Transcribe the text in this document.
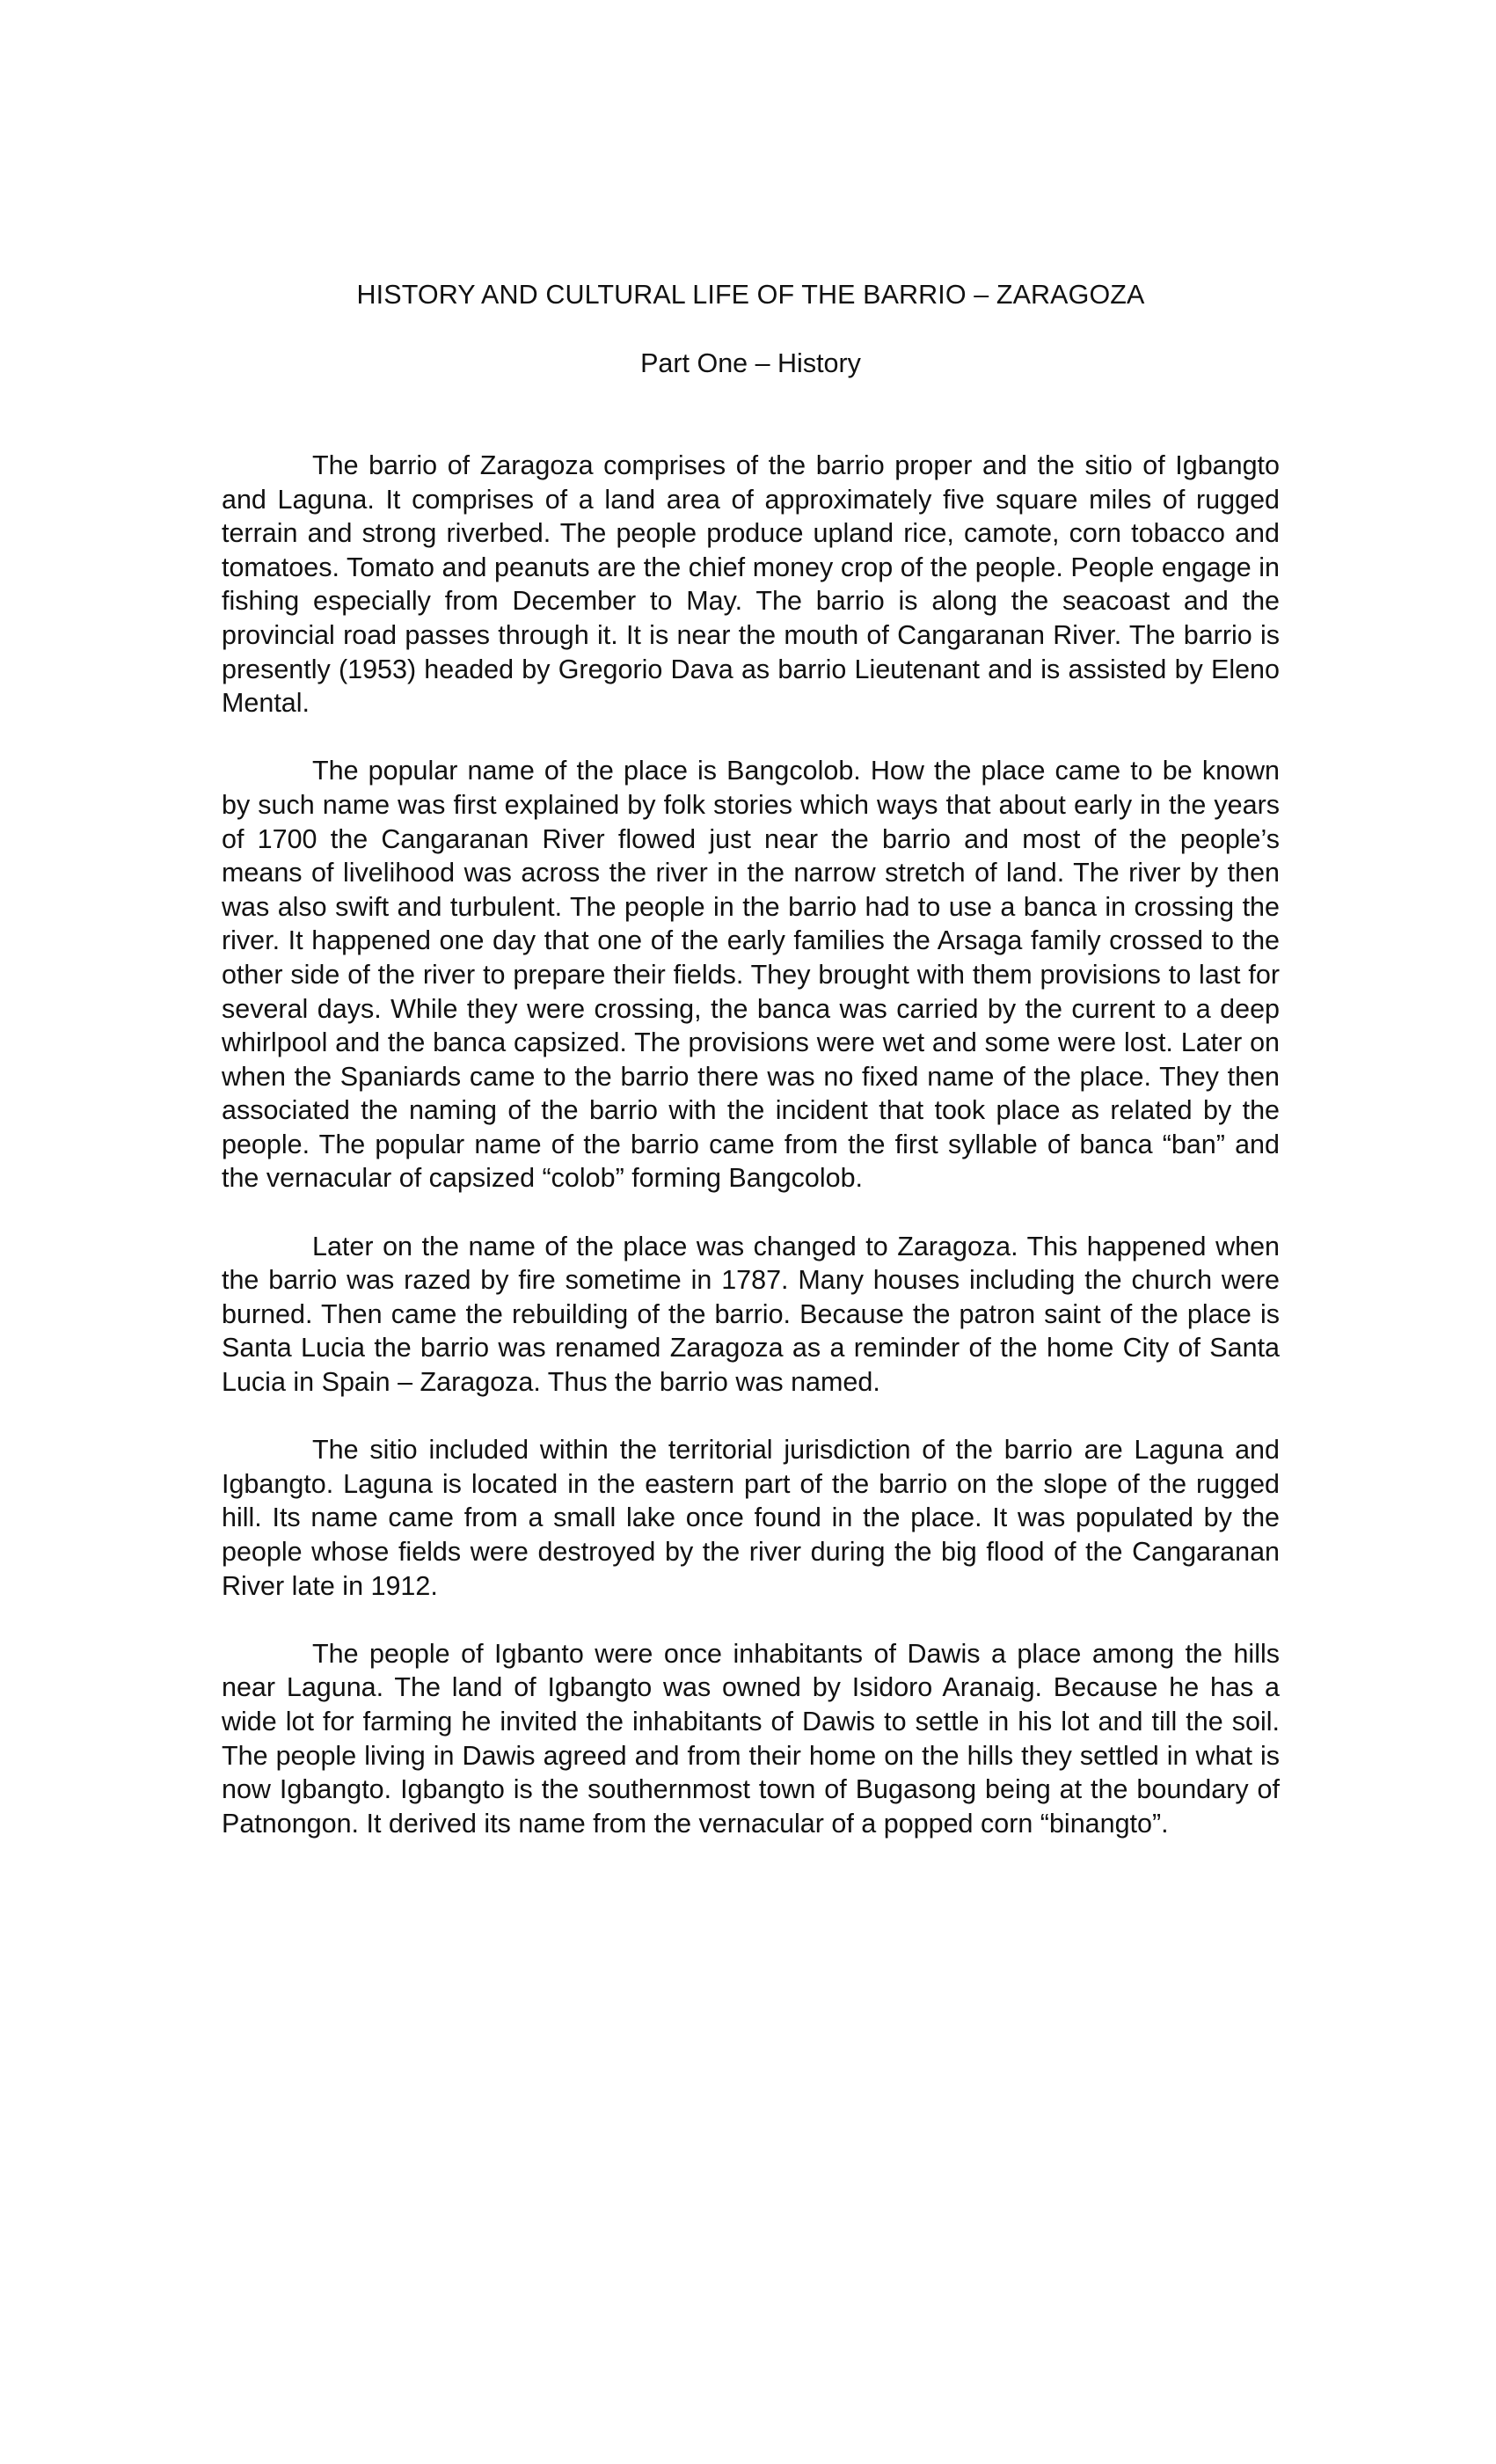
HISTORY AND CULTURAL LIFE OF THE BARRIO – ZARAGOZA
Part One – History

The barrio of Zaragoza comprises of the barrio proper and the sitio of Igbangto and Laguna. It comprises of a land area of approximately five square miles of rugged terrain and strong riverbed. The people produce upland rice, camote, corn tobacco and tomatoes. Tomato and peanuts are the chief money crop of the people. People engage in fishing especially from December to May. The barrio is along the seacoast and the provincial road passes through it. It is near the mouth of Cangaranan River. The barrio is presently (1953) headed by Gregorio Dava as barrio Lieutenant and is assisted by Eleno Mental.

The popular name of the place is Bangcolob. How the place came to be known by such name was first explained by folk stories which ways that about early in the years of 1700 the Cangaranan River flowed just near the barrio and most of the people’s means of livelihood was across the river in the narrow stretch of land. The river by then was also swift and turbulent. The people in the barrio had to use a banca in crossing the river. It happened one day that one of the early families the Arsaga family crossed to the other side of the river to prepare their fields. They brought with them provisions to last for several days. While they were crossing, the banca was carried by the current to a deep whirlpool and the banca capsized. The provisions were wet and some were lost. Later on when the Spaniards came to the barrio there was no fixed name of the place. They then associated the naming of the barrio with the incident that took place as related by the people. The popular name of the barrio came from the first syllable of banca “ban” and the vernacular of capsized “colob” forming Bangcolob.

Later on the name of the place was changed to Zaragoza. This happened when the barrio was razed by fire sometime in 1787. Many houses including the church were burned. Then came the rebuilding of the barrio. Because the patron saint of the place is Santa Lucia the barrio was renamed Zaragoza as a reminder of the home City of Santa Lucia in Spain – Zaragoza. Thus the barrio was named.

The sitio included within the territorial jurisdiction of the barrio are Laguna and Igbangto. Laguna is located in the eastern part of the barrio on the slope of the rugged hill. Its name came from a small lake once found in the place. It was populated by the people whose fields were destroyed by the river during the big flood of the Cangaranan River late in 1912.

The people of Igbanto were once inhabitants of Dawis a place among the hills near Laguna. The land of Igbangto was owned by Isidoro Aranaig. Because he has a wide lot for farming he invited the inhabitants of Dawis to settle in his lot and till the soil. The people living in Dawis agreed and from their home on the hills they settled in what is now Igbangto. Igbangto is the southernmost town of Bugasong being at the boundary of Patnongon. It derived its name from the vernacular of a popped corn “binangto”.
